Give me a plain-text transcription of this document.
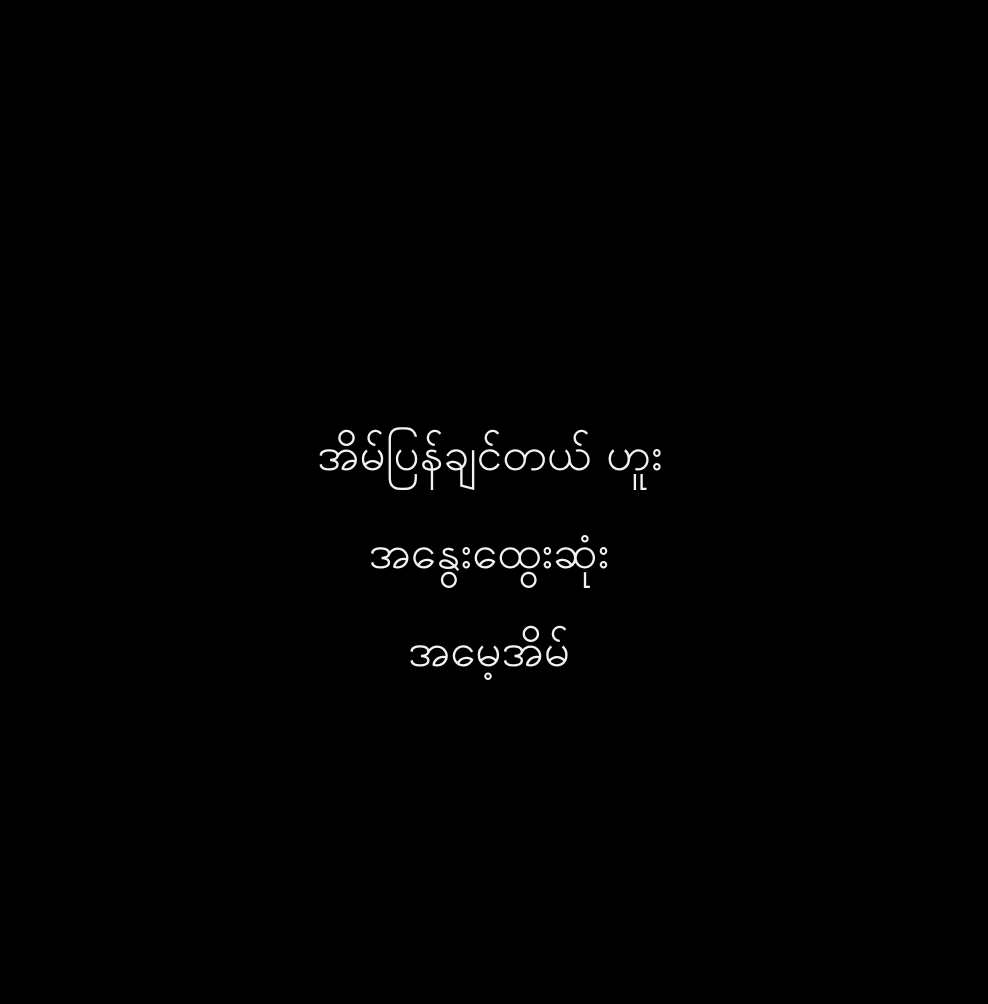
အိမ်ပြန်ချင်တယ် ဟူး
အနွေးထွေးဆုံး
အမေ့အိမ်
